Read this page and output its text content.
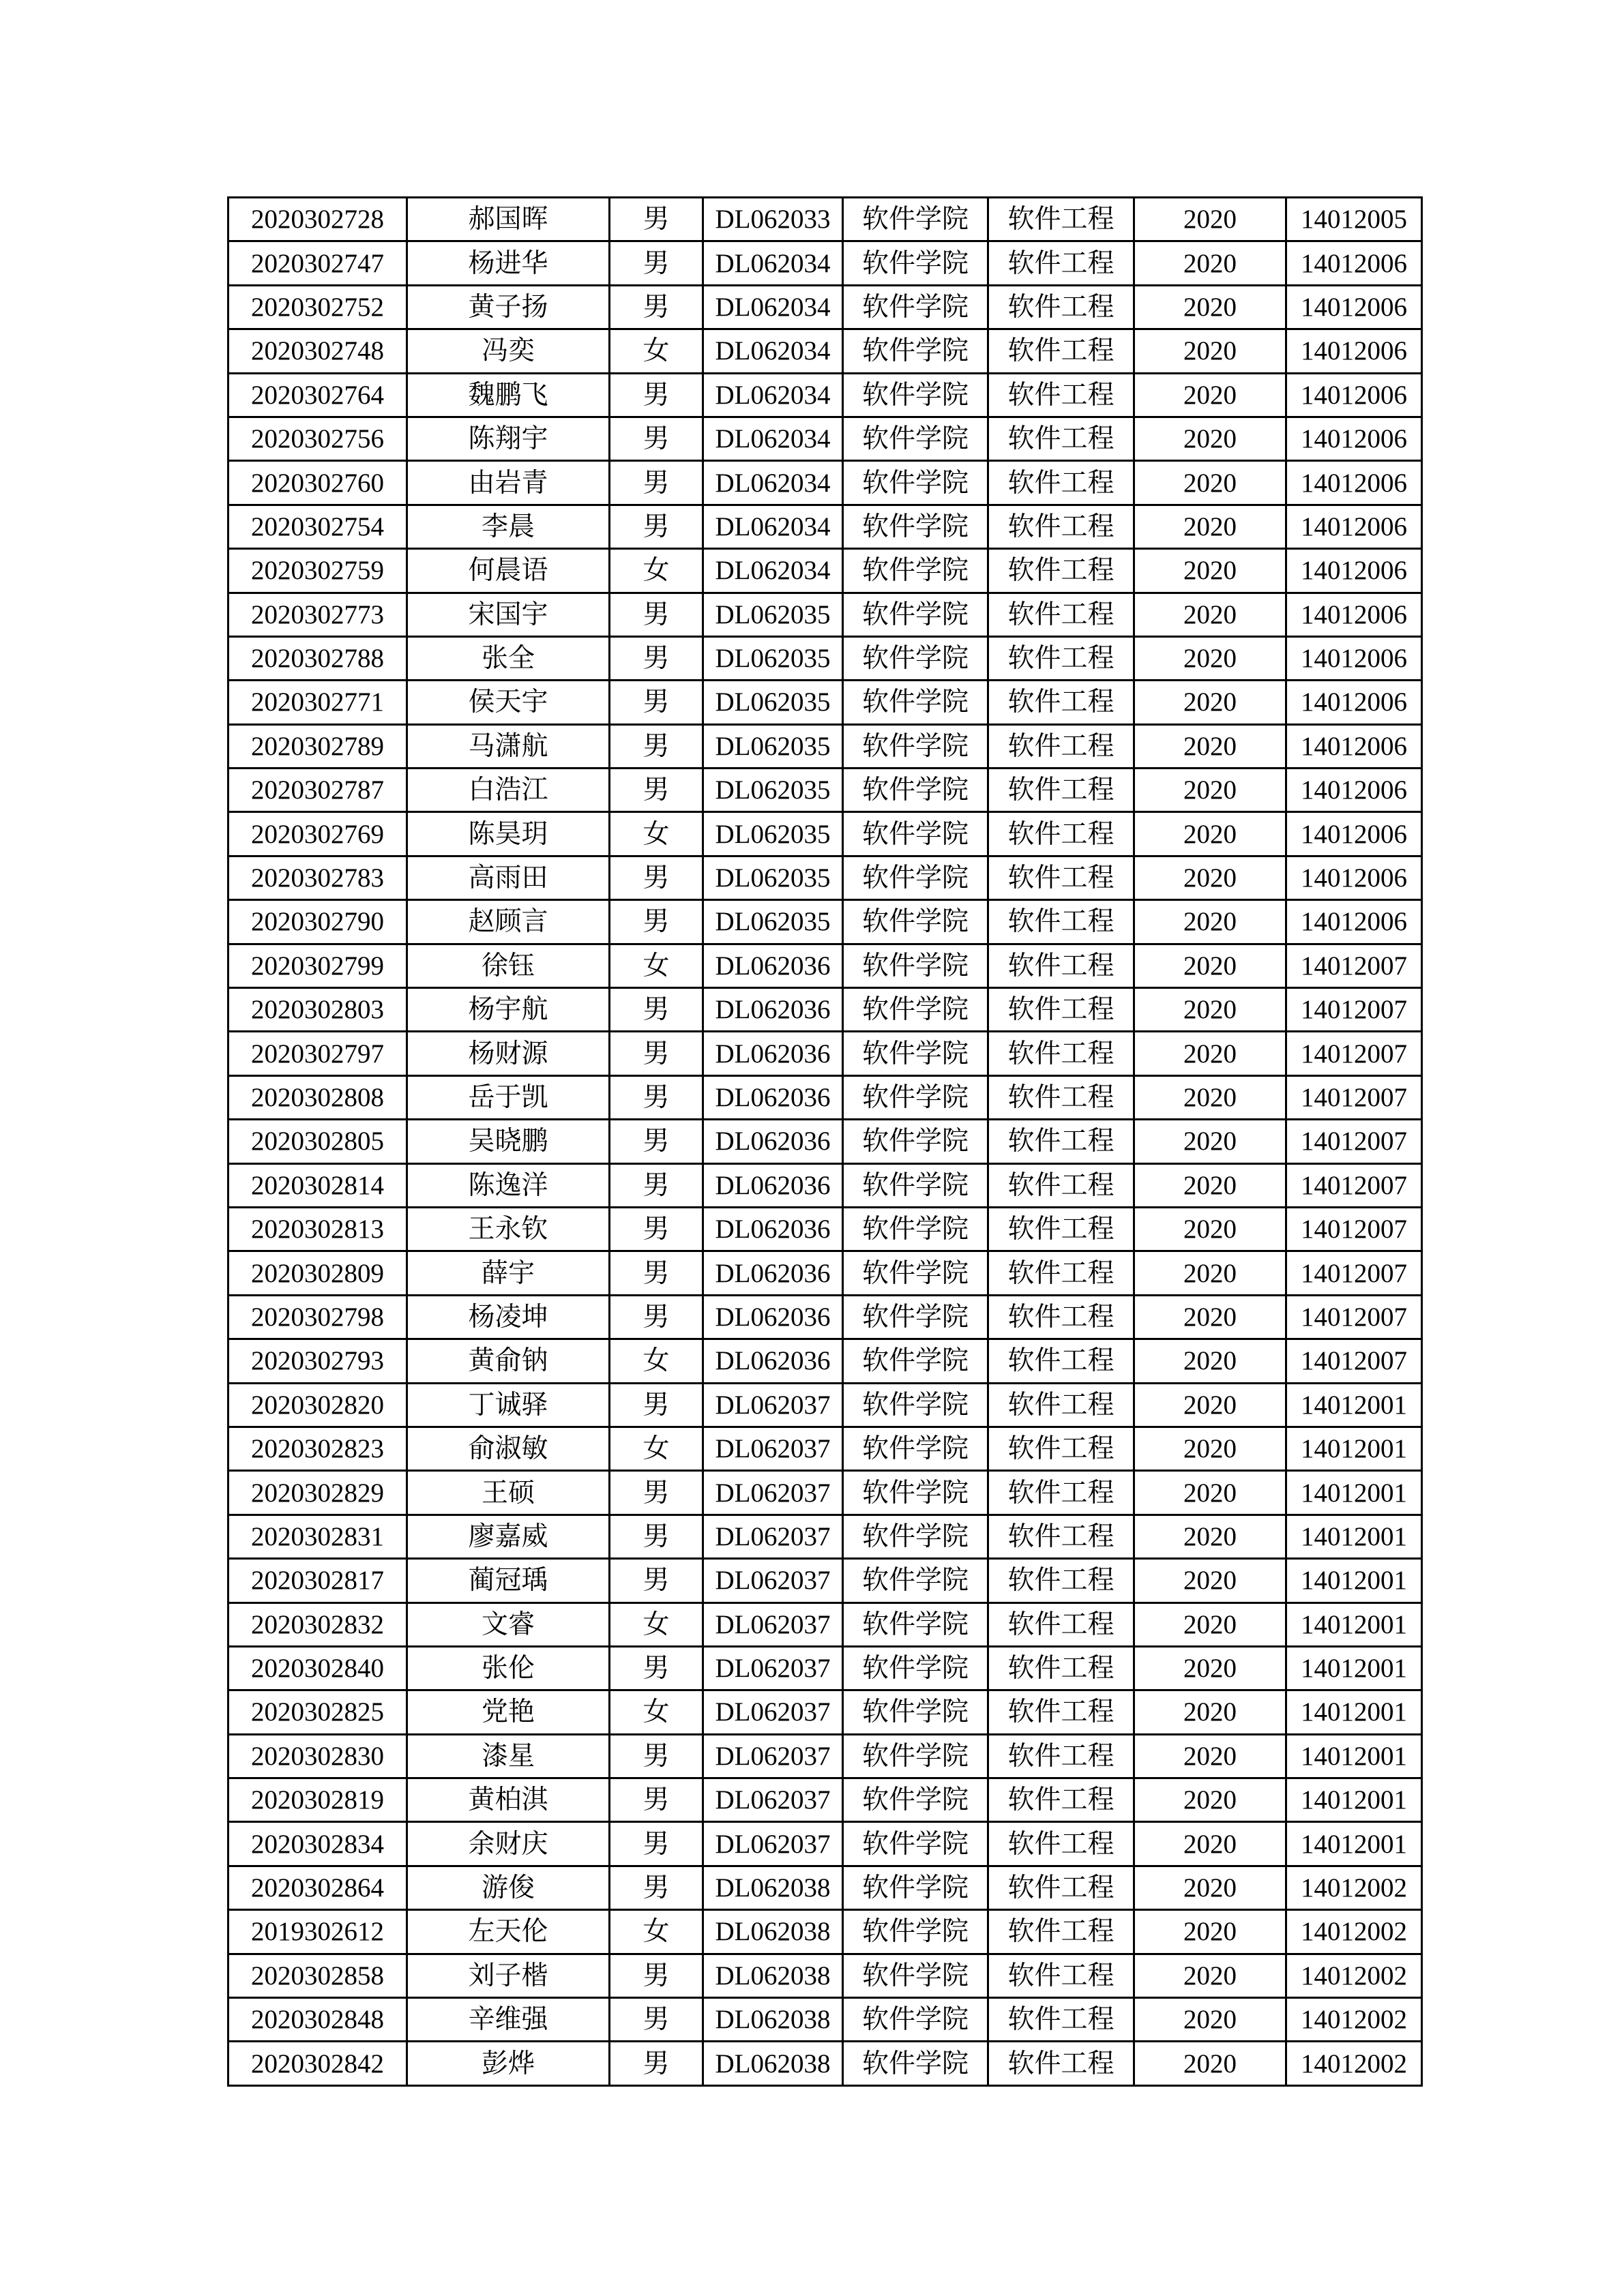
2020302728	郝国晖	男	DL062033	软件学院	软件工程	2020	14012005
2020302747	杨进华	男	DL062034	软件学院	软件工程	2020	14012006
2020302752	黄子扬	男	DL062034	软件学院	软件工程	2020	14012006
2020302748	冯奕	女	DL062034	软件学院	软件工程	2020	14012006
2020302764	魏鹏飞	男	DL062034	软件学院	软件工程	2020	14012006
2020302756	陈翔宇	男	DL062034	软件学院	软件工程	2020	14012006
2020302760	由岩青	男	DL062034	软件学院	软件工程	2020	14012006
2020302754	李晨	男	DL062034	软件学院	软件工程	2020	14012006
2020302759	何晨语	女	DL062034	软件学院	软件工程	2020	14012006
2020302773	宋国宇	男	DL062035	软件学院	软件工程	2020	14012006
2020302788	张全	男	DL062035	软件学院	软件工程	2020	14012006
2020302771	侯天宇	男	DL062035	软件学院	软件工程	2020	14012006
2020302789	马潇航	男	DL062035	软件学院	软件工程	2020	14012006
2020302787	白浩江	男	DL062035	软件学院	软件工程	2020	14012006
2020302769	陈昊玥	女	DL062035	软件学院	软件工程	2020	14012006
2020302783	高雨田	男	DL062035	软件学院	软件工程	2020	14012006
2020302790	赵顾言	男	DL062035	软件学院	软件工程	2020	14012006
2020302799	徐钰	女	DL062036	软件学院	软件工程	2020	14012007
2020302803	杨宇航	男	DL062036	软件学院	软件工程	2020	14012007
2020302797	杨财源	男	DL062036	软件学院	软件工程	2020	14012007
2020302808	岳于凯	男	DL062036	软件学院	软件工程	2020	14012007
2020302805	吴晓鹏	男	DL062036	软件学院	软件工程	2020	14012007
2020302814	陈逸洋	男	DL062036	软件学院	软件工程	2020	14012007
2020302813	王永钦	男	DL062036	软件学院	软件工程	2020	14012007
2020302809	薛宇	男	DL062036	软件学院	软件工程	2020	14012007
2020302798	杨凌坤	男	DL062036	软件学院	软件工程	2020	14012007
2020302793	黄俞钠	女	DL062036	软件学院	软件工程	2020	14012007
2020302820	丁诚驿	男	DL062037	软件学院	软件工程	2020	14012001
2020302823	俞淑敏	女	DL062037	软件学院	软件工程	2020	14012001
2020302829	王硕	男	DL062037	软件学院	软件工程	2020	14012001
2020302831	廖嘉威	男	DL062037	软件学院	软件工程	2020	14012001
2020302817	蔺冠瑀	男	DL062037	软件学院	软件工程	2020	14012001
2020302832	文睿	女	DL062037	软件学院	软件工程	2020	14012001
2020302840	张伦	男	DL062037	软件学院	软件工程	2020	14012001
2020302825	党艳	女	DL062037	软件学院	软件工程	2020	14012001
2020302830	漆星	男	DL062037	软件学院	软件工程	2020	14012001
2020302819	黄柏淇	男	DL062037	软件学院	软件工程	2020	14012001
2020302834	余财庆	男	DL062037	软件学院	软件工程	2020	14012001
2020302864	游俊	男	DL062038	软件学院	软件工程	2020	14012002
2019302612	左天伦	女	DL062038	软件学院	软件工程	2020	14012002
2020302858	刘子楷	男	DL062038	软件学院	软件工程	2020	14012002
2020302848	辛维强	男	DL062038	软件学院	软件工程	2020	14012002
2020302842	彭烨	男	DL062038	软件学院	软件工程	2020	14012002
